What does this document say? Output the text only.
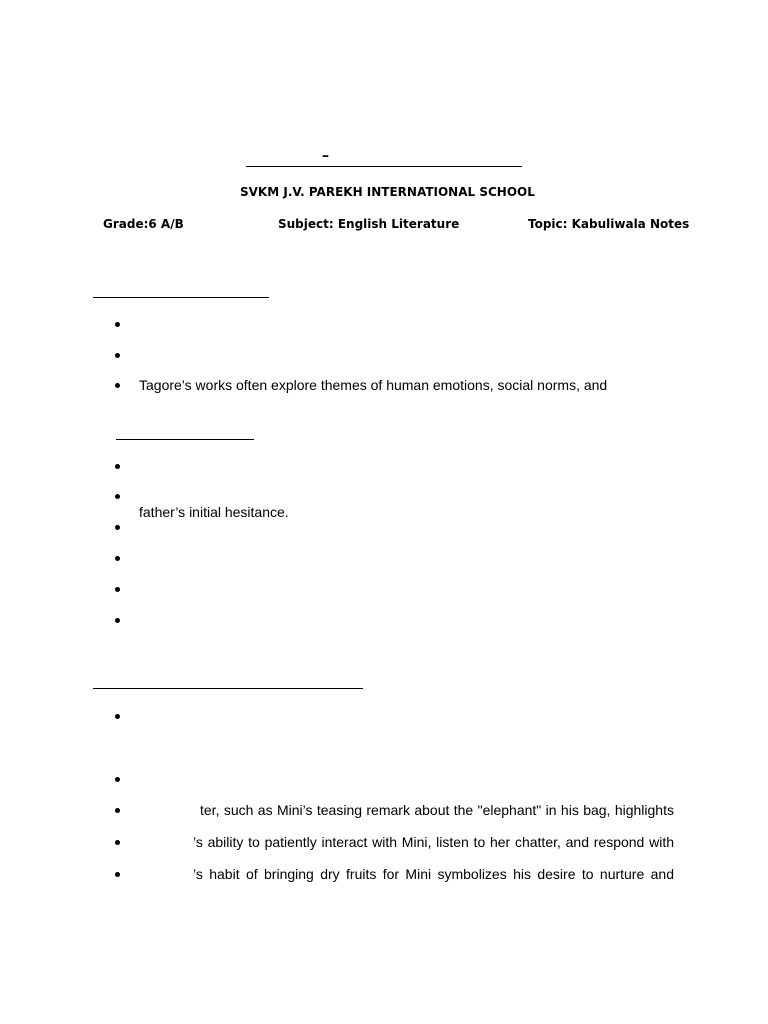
–
SVKM J.V. PAREKH INTERNATIONAL SCHOOL
Grade:6 A/B	Subject: English Literature	Topic: Kabuliwala Notes
Tagore’s works often explore themes of human emotions, social norms, and
father’s initial hesitance.
ter, such as Mini’s teasing remark about the "elephant" in his bag, highlights
’s ability to patiently interact with Mini, listen to her chatter, and respond with
’s habit of bringing dry fruits for Mini symbolizes his desire to nurture and
